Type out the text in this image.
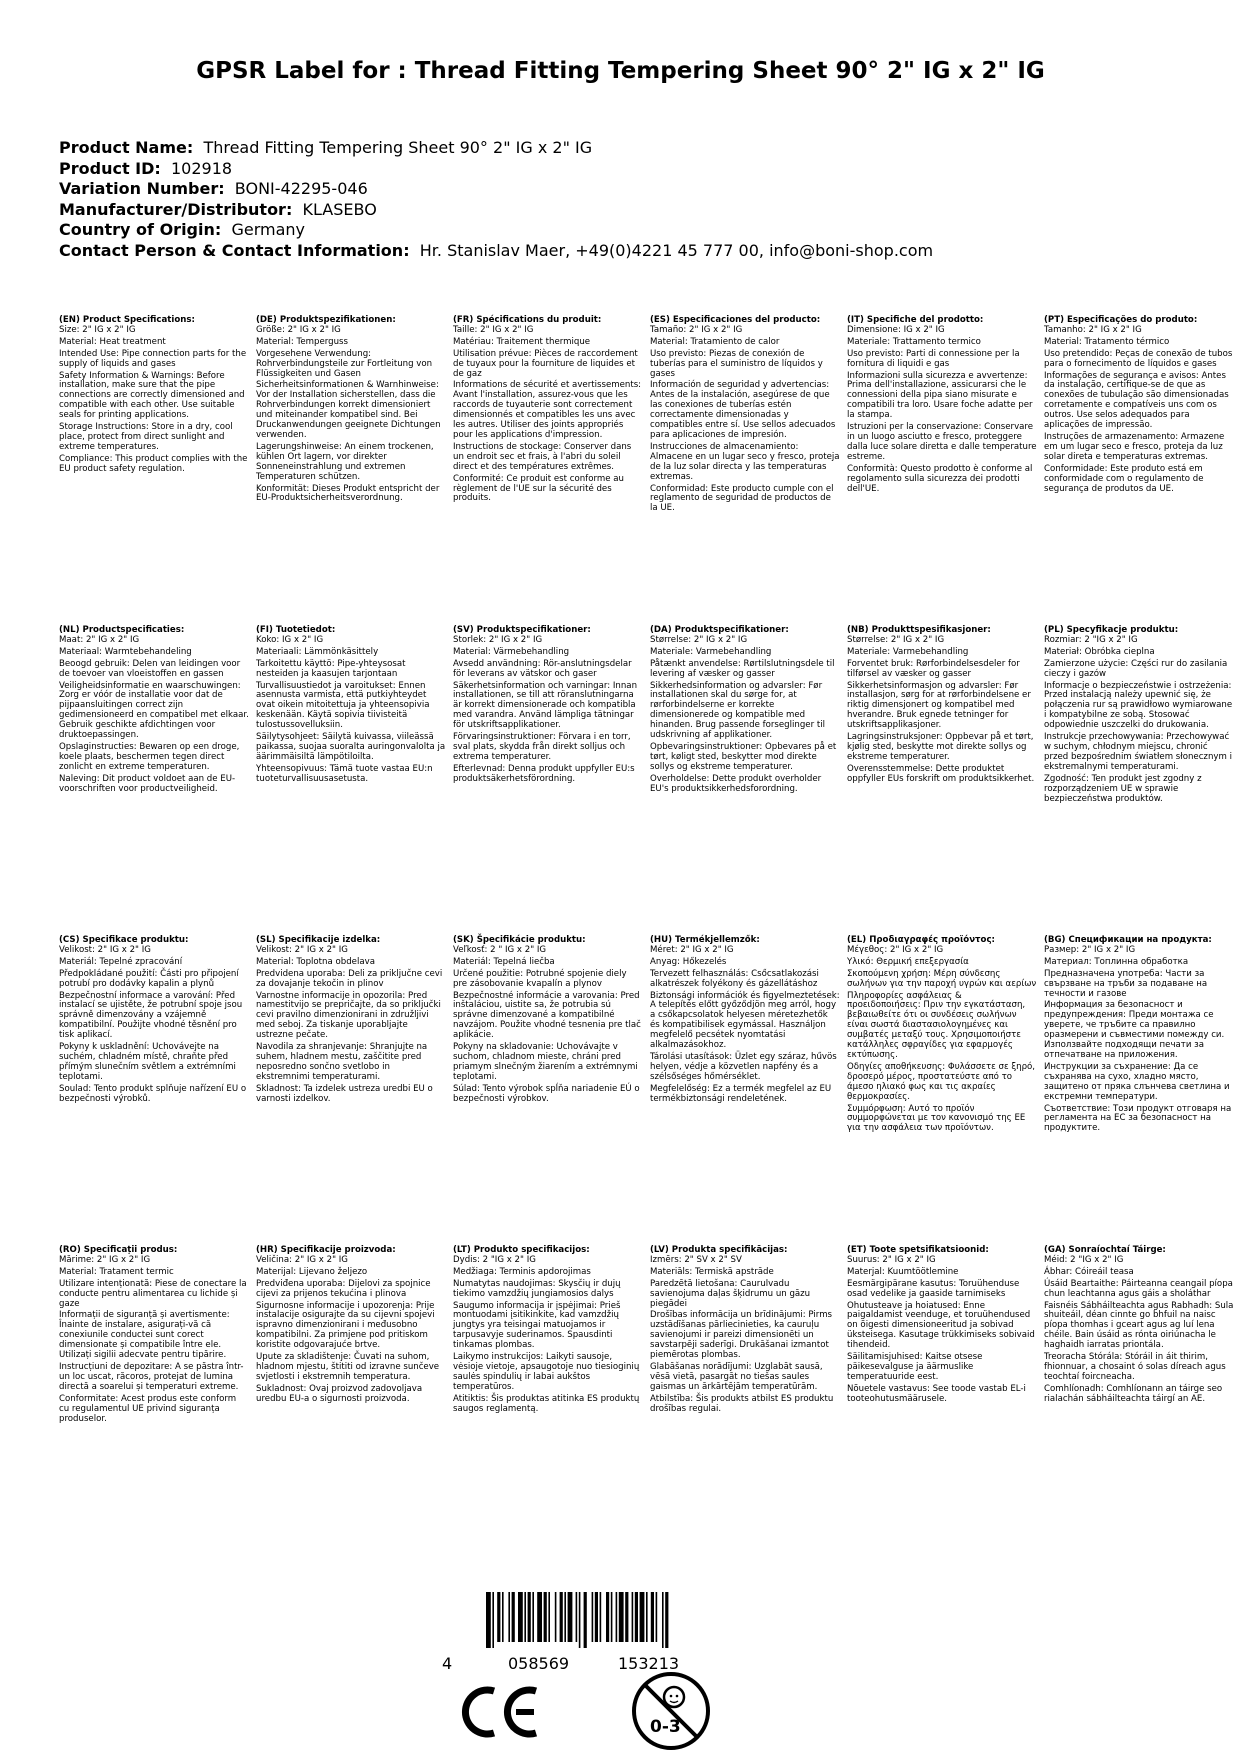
GPSR Label for : Thread Fitting Tempering Sheet 90° 2" IG x 2" IG
Product Name: Thread Fitting Tempering Sheet 90° 2" IG x 2" IG
Product ID: 102918
Variation Number: BONI-42295-046
Manufacturer/Distributor: KLASEBO
Country of Origin: Germany
Contact Person & Contact Information: Hr. Stanislav Maer, +49(0)4221 45 777 00, info@boni-shop.com
(EN) Product Specifications:
Size: 2" IG x 2" IG
Material: Heat treatment
Intended Use: Pipe connection parts for the supply of liquids and gases
Safety Information & Warnings: Before installation, make sure that the pipe connections are correctly dimensioned and compatible with each other. Use suitable seals for printing applications.
Storage Instructions: Store in a dry, cool place, protect from direct sunlight and extreme temperatures.
Compliance: This product complies with the EU product safety regulation.
(DE) Produktspezifikationen:
Größe: 2" IG x 2" IG
Material: Temperguss
Vorgesehene Verwendung: Rohrverbindungsteile zur Fortleitung von Flüssigkeiten und Gasen
Sicherheitsinformationen & Warnhinweise: Vor der Installation sicherstellen, dass die Rohrverbindungen korrekt dimensioniert und miteinander kompatibel sind. Bei Druckanwendungen geeignete Dichtungen verwenden.
Lagerungshinweise: An einem trockenen, kühlen Ort lagern, vor direkter Sonneneinstrahlung und extremen Temperaturen schützen.
Konformität: Dieses Produkt entspricht der EU-Produktsicherheitsverordnung.
(FR) Spécifications du produit:
Taille: 2" IG x 2" IG
Matériau: Traitement thermique
Utilisation prévue: Pièces de raccordement de tuyaux pour la fourniture de liquides et de gaz
Informations de sécurité et avertissements: Avant l'installation, assurez-vous que les raccords de tuyauterie sont correctement dimensionnés et compatibles les uns avec les autres. Utiliser des joints appropriés pour les applications d'impression.
Instructions de stockage: Conserver dans un endroit sec et frais, à l'abri du soleil direct et des températures extrêmes.
Conformité: Ce produit est conforme au règlement de l'UE sur la sécurité des produits.
(ES) Especificaciones del producto:
Tamaño: 2" IG x 2" IG
Material: Tratamiento de calor
Uso previsto: Piezas de conexión de tuberías para el suministro de líquidos y gases
Información de seguridad y advertencias: Antes de la instalación, asegúrese de que las conexiones de tuberías estén correctamente dimensionadas y compatibles entre sí. Use sellos adecuados para aplicaciones de impresión.
Instrucciones de almacenamiento: Almacene en un lugar seco y fresco, proteja de la luz solar directa y las temperaturas extremas.
Conformidad: Este producto cumple con el reglamento de seguridad de productos de la UE.
(IT) Specifiche del prodotto:
Dimensione: IG x 2" IG
Materiale: Trattamento termico
Uso previsto: Parti di connessione per la fornitura di liquidi e gas
Informazioni sulla sicurezza e avvertenze: Prima dell'installazione, assicurarsi che le connessioni della pipa siano misurate e compatibili tra loro. Usare foche adatte per la stampa.
Istruzioni per la conservazione: Conservare in un luogo asciutto e fresco, proteggere dalla luce solare diretta e dalle temperature estreme.
Conformità: Questo prodotto è conforme al regolamento sulla sicurezza dei prodotti dell'UE.
(PT) Especificações do produto:
Tamanho: 2" IG x 2" IG
Material: Tratamento térmico
Uso pretendido: Peças de conexão de tubos para o fornecimento de líquidos e gases
Informações de segurança e avisos: Antes da instalação, certifique-se de que as conexões de tubulação são dimensionadas corretamente e compatíveis uns com os outros. Use selos adequados para aplicações de impressão.
Instruções de armazenamento: Armazene em um lugar seco e fresco, proteja da luz solar direta e temperaturas extremas.
Conformidade: Este produto está em conformidade com o regulamento de segurança de produtos da UE.
(NL) Productspecificaties:
Maat: 2" IG x 2" IG
Materiaal: Warmtebehandeling
Beoogd gebruik: Delen van leidingen voor de toevoer van vloeistoffen en gassen
Veiligheidsinformatie en waarschuwingen: Zorg er vóór de installatie voor dat de pijpaansluitingen correct zijn gedimensioneerd en compatibel met elkaar. Gebruik geschikte afdichtingen voor druktoepassingen.
Opslaginstructies: Bewaren op een droge, koele plaats, beschermen tegen direct zonlicht en extreme temperaturen.
Naleving: Dit product voldoet aan de EU-voorschriften voor productveiligheid.
(FI) Tuotetiedot:
Koko: IG x 2" IG
Materiaali: Lämmönkäsittely
Tarkoitettu käyttö: Pipe-yhteysosat nesteiden ja kaasujen tarjontaan
Turvallisuustiedot ja varoitukset: Ennen asennusta varmista, että putkiyhteydet ovat oikein mitoitettuja ja yhteensopivia keskenään. Käytä sopivia tiivisteitä tulostussovelluksiin.
Säilytysohjeet: Säilytä kuivassa, viileässä paikassa, suojaa suoralta auringonvalolta ja äärimmäisiltä lämpötiloilta.
Yhteensopivuus: Tämä tuote vastaa EU:n tuoteturvallisuusasetusta.
(SV) Produktspecifikationer:
Storlek: 2" IG x 2" IG
Material: Värmebehandling
Avsedd användning: Rör-anslutningsdelar för leverans av vätskor och gaser
Säkerhetsinformation och varningar: Innan installationen, se till att röranslutningarna är korrekt dimensionerade och kompatibla med varandra. Använd lämpliga tätningar för utskriftsapplikationer.
Förvaringsinstruktioner: Förvara i en torr, sval plats, skydda från direkt solljus och extrema temperaturer.
Efterlevnad: Denna produkt uppfyller EU:s produktsäkerhetsförordning.
(DA) Produktspecifikationer:
Størrelse: 2" IG x 2" IG
Materiale: Varmebehandling
Påtænkt anvendelse: Rørtilslutningsdele til levering af væsker og gasser
Sikkerhedsinformation og advarsler: Før installationen skal du sørge for, at rørforbindelserne er korrekte dimensionerede og kompatible med hinanden. Brug passende forseglinger til udskrivning af applikationer.
Opbevaringsinstruktioner: Opbevares på et tørt, køligt sted, beskytter mod direkte sollys og ekstreme temperaturer.
Overholdelse: Dette produkt overholder EU's produktsikkerhedsforordning.
(NB) Produkttspesifikasjoner:
Størrelse: 2" IG x 2" IG
Materiale: Varmebehandling
Forventet bruk: Rørforbindelsesdeler for tilførsel av væsker og gasser
Sikkerhetsinformasjon og advarsler: Før installasjon, sørg for at rørforbindelsene er riktig dimensjonert og kompatibel med hverandre. Bruk egnede tetninger for utskriftsapplikasjoner.
Lagringsinstruksjoner: Oppbevar på et tørt, kjølig sted, beskytte mot direkte sollys og ekstreme temperaturer.
Overensstemmelse: Dette produktet oppfyller EUs forskrift om produktsikkerhet.
(PL) Specyfikacje produktu:
Rozmiar: 2 "IG x 2" IG
Materiał: Obróbka cieplna
Zamierzone użycie: Części rur do zasilania cieczy i gazów
Informacje o bezpieczeństwie i ostrzeżenia: Przed instalacją należy upewnić się, że połączenia rur są prawidłowo wymiarowane i kompatybilne ze sobą. Stosować odpowiednie uszczelki do drukowania.
Instrukcje przechowywania: Przechowywać w suchym, chłodnym miejscu, chronić przed bezpośrednim światłem słonecznym i ekstremalnymi temperaturami.
Zgodność: Ten produkt jest zgodny z rozporządzeniem UE w sprawie bezpieczeństwa produktów.
(CS) Specifikace produktu:
Velikost: 2" IG x 2" IG
Materiál: Tepelné zpracování
Předpokládané použití: Části pro připojení potrubí pro dodávky kapalin a plynů
Bezpečnostní informace a varování: Před instalací se ujistěte, že potrubní spoje jsou správně dimenzovány a vzájemně kompatibilní. Použijte vhodné těsnění pro tisk aplikací.
Pokyny k uskladnění: Uchovávejte na suchém, chladném místě, chraňte před přímým slunečním světlem a extrémními teplotami.
Soulad: Tento produkt splňuje nařízení EU o bezpečnosti výrobků.
(SL) Specifikacije izdelka:
Velikost: 2" IG x 2" IG
Material: Toplotna obdelava
Predvidena uporaba: Deli za priključne cevi za dovajanje tekočin in plinov
Varnostne informacije in opozorila: Pred namestitvijo se prepričajte, da so priključki cevi pravilno dimenzionirani in združljivi med seboj. Za tiskanje uporabljajte ustrezne pečate.
Navodila za shranjevanje: Shranjujte na suhem, hladnem mestu, zaščitite pred neposredno sončno svetlobo in ekstremnimi temperaturami.
Skladnost: Ta izdelek ustreza uredbi EU o varnosti izdelkov.
(SK) Špecifikácie produktu:
Veľkosť: 2 " IG x 2" IG
Materiál: Tepelná liečba
Určené použitie: Potrubné spojenie diely pre zásobovanie kvapalín a plynov
Bezpečnostné informácie a varovania: Pred inštaláciou, uistite sa, že potrubia sú správne dimenzované a kompatibilné navzájom. Použite vhodné tesnenia pre tlač aplikácie.
Pokyny na skladovanie: Uchovávajte v suchom, chladnom mieste, chráni pred priamym slnečným žiarením a extrémnymi teplotami.
Súlad: Tento výrobok spĺňa nariadenie EÚ o bezpečnosti výrobkov.
(HU) Termékjellemzők:
Méret: 2" IG x 2" IG
Anyag: Hőkezelés
Tervezett felhasználás: Csőcsatlakozási alkatrészek folyékony és gázellátáshoz
Biztonsági információk és figyelmeztetések: A telepítés előtt győződjön meg arról, hogy a csőkapcsolatok helyesen méretezhetők és kompatibilisek egymással. Használjon megfelelő pecsétek nyomtatási alkalmazásokhoz.
Tárolási utasítások: Üzlet egy száraz, hűvös helyen, védje a közvetlen napfény és a szélsőséges hőmérséklet.
Megfelelőség: Ez a termék megfelel az EU termékbiztonsági rendeletének.
(EL) Προδιαγραφές προϊόντος:
Μέγεθος: 2" IG x 2" IG
Υλικό: Θερμική επεξεργασία
Σκοπούμενη χρήση: Μέρη σύνδεσης σωλήνων για την παροχή υγρών και αερίων
Πληροφορίες ασφάλειας & προειδοποιήσεις: Πριν την εγκατάσταση, βεβαιωθείτε ότι οι συνδέσεις σωλήνων είναι σωστά διαστασιολογημένες και συμβατές μεταξύ τους. Χρησιμοποιήστε κατάλληλες σφραγίδες για εφαρμογές εκτύπωσης.
Οδηγίες αποθήκευσης: Φυλάσσετε σε ξηρό, δροσερό μέρος, προστατεύστε από το άμεσο ηλιακό φως και τις ακραίες θερμοκρασίες.
Συμμόρφωση: Αυτό το προϊόν συμμορφώνεται με τον κανονισμό της ΕΕ για την ασφάλεια των προϊόντων.
(BG) Спецификации на продукта:
Размер: 2" IG x 2" IG
Материал: Топлинна обработка
Предназначена употреба: Части за свързване на тръби за подаване на течности и газове
Информация за безопасност и предупреждения: Преди монтажа се уверете, че тръбите са правилно оразмерени и съвместими помежду си. Използвайте подходящи печати за отпечатване на приложения.
Инструкции за съхранение: Да се съхранява на сухо, хладно място, защитено от пряка слънчева светлина и екстремни температури.
Съответствие: Този продукт отговаря на регламента на ЕС за безопасност на продуктите.
(RO) Specificații produs:
Mărime: 2" IG x 2" IG
Material: Tratament termic
Utilizare intenționată: Piese de conectare la conducte pentru alimentarea cu lichide și gaze
Informații de siguranță și avertismente: Înainte de instalare, asigurați-vă că conexiunile conductei sunt corect dimensionate și compatibile între ele. Utilizați sigilii adecvate pentru tipărire.
Instrucțiuni de depozitare: A se păstra într- un loc uscat, răcoros, protejat de lumina directă a soarelui și temperaturi extreme.
Conformitate: Acest produs este conform cu regulamentul UE privind siguranța produselor.
(HR) Specifikacije proizvoda:
Veličina: 2" IG x 2" IG
Materijal: Lijevano željezo
Predviđena uporaba: Dijelovi za spojnice cijevi za prijenos tekućina i plinova
Sigurnosne informacije i upozorenja: Prije instalacije osigurajte da su cijevni spojevi ispravno dimenzionirani i međusobno kompatibilni. Za primjene pod pritiskom koristite odgovarajuće brtve.
Upute za skladištenje: Čuvati na suhom, hladnom mjestu, štititi od izravne sunčeve svjetlosti i ekstremnih temperatura.
Sukladnost: Ovaj proizvod zadovoljava uredbu EU-a o sigurnosti proizvoda.
(LT) Produkto specifikacijos:
Dydis: 2 "IG x 2" IG
Medžiaga: Terminis apdorojimas
Numatytas naudojimas: Skysčių ir dujų tiekimo vamzdžių jungiamosios dalys
Saugumo informacija ir įspėjimai: Prieš montuodami įsitikinkite, kad vamzdžių jungtys yra teisingai matuojamos ir tarpusavyje suderinamos. Spausdinti tinkamas plombas.
Laikymo instrukcijos: Laikyti sausoje, vėsioje vietoje, apsaugotoje nuo tiesioginių saulės spindulių ir labai aukštos temperatūros.
Atitiktis: Šis produktas atitinka ES produktų saugos reglamentą.
(LV) Produkta specifikācijas:
Izmērs: 2" SV x 2" SV
Materiāls: Termiskā apstrāde
Paredzētā lietošana: Caurulvadu savienojuma daļas šķidrumu un gāzu piegādei
Drošības informācija un brīdinājumi: Pirms uzstādīšanas pārliecinieties, ka cauruļu savienojumi ir pareizi dimensionēti un savstarpēji saderīgi. Drukāšanai izmantot piemērotas plombas.
Glabāšanas norādījumi: Uzglabāt sausā, vēsā vietā, pasargāt no tiešas saules gaismas un ārkārtējām temperatūrām.
Atbilstība: Šis produkts atbilst ES produktu drošības regulai.
(ET) Toote spetsifikatsioonid:
Suurus: 2" IG x 2" IG
Materjal: Kuumtöötlemine
Eesmärgipärane kasutus: Toruühenduse osad vedelike ja gaaside tarnimiseks
Ohutusteave ja hoiatused: Enne paigaldamist veenduge, et toruühendused on õigesti dimensioneeritud ja sobivad üksteisega. Kasutage trükkimiseks sobivaid tihendeid.
Säilitamisjuhised: Kaitse otsese päikesevalguse ja äärmuslike temperatuuride eest.
Nõuetele vastavus: See toode vastab EL-i tooteohutusmäärusele.
(GA) Sonraíochtaí Táirge:
Méid: 2 "IG x 2" IG
Ábhar: Cóireáil teasa
Úsáid Beartaithe: Páirteanna ceangail píopa chun leachtanna agus gáis a sholáthar
Faisnéis Sábháilteachta agus Rabhadh: Sula shuiteáil, déan cinnte go bhfuil na naisc píopa thomhas i gceart agus ag luí lena chéile. Bain úsáid as rónta oiriúnacha le haghaidh iarratas priontála.
Treoracha Stórála: Stóráil in áit thirim, fhionnuar, a chosaint ó solas díreach agus teochtaí foircneacha.
Comhlíonadh: Comhlíonann an táirge seo rialachán sábháilteachta táirgí an AE.
4	058569	153213
0-3
